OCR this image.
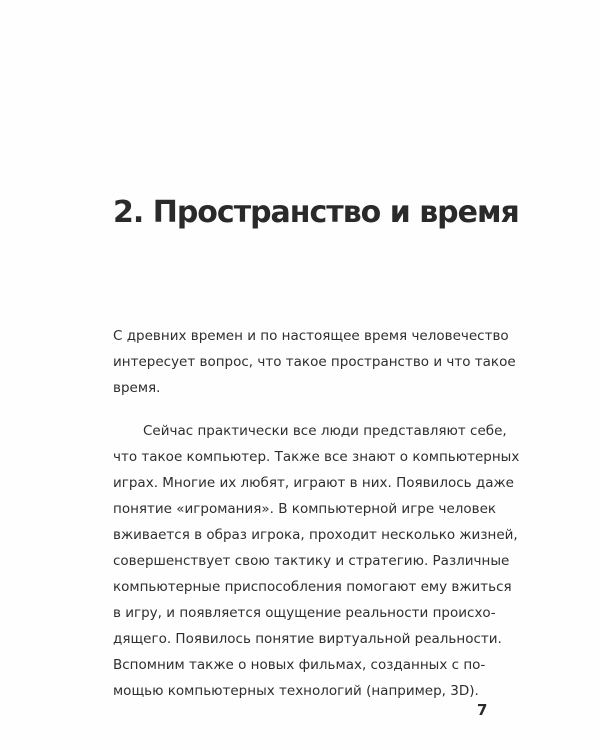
2. Пространство и время
С древних времен и по настоящее время человечество
интересует вопрос, что такое пространство и что такое
время.
Сейчас практически все люди представляют себе,
что такое компьютер. Также все знают о компьютерных
играх. Многие их любят, играют в них. Появилось даже
понятие «игромания». В компьютерной игре человек
вживается в образ игрока, проходит несколько жизней,
совершенствует свою тактику и стратегию. Различные
компьютерные приспособления помогают ему вжиться
в игру, и появляется ощущение реальности происхо-
дящего. Появилось понятие виртуальной реальности.
Вспомним также о новых фильмах, созданных с по-
мощью компьютерных технологий (например, 3D).
7
